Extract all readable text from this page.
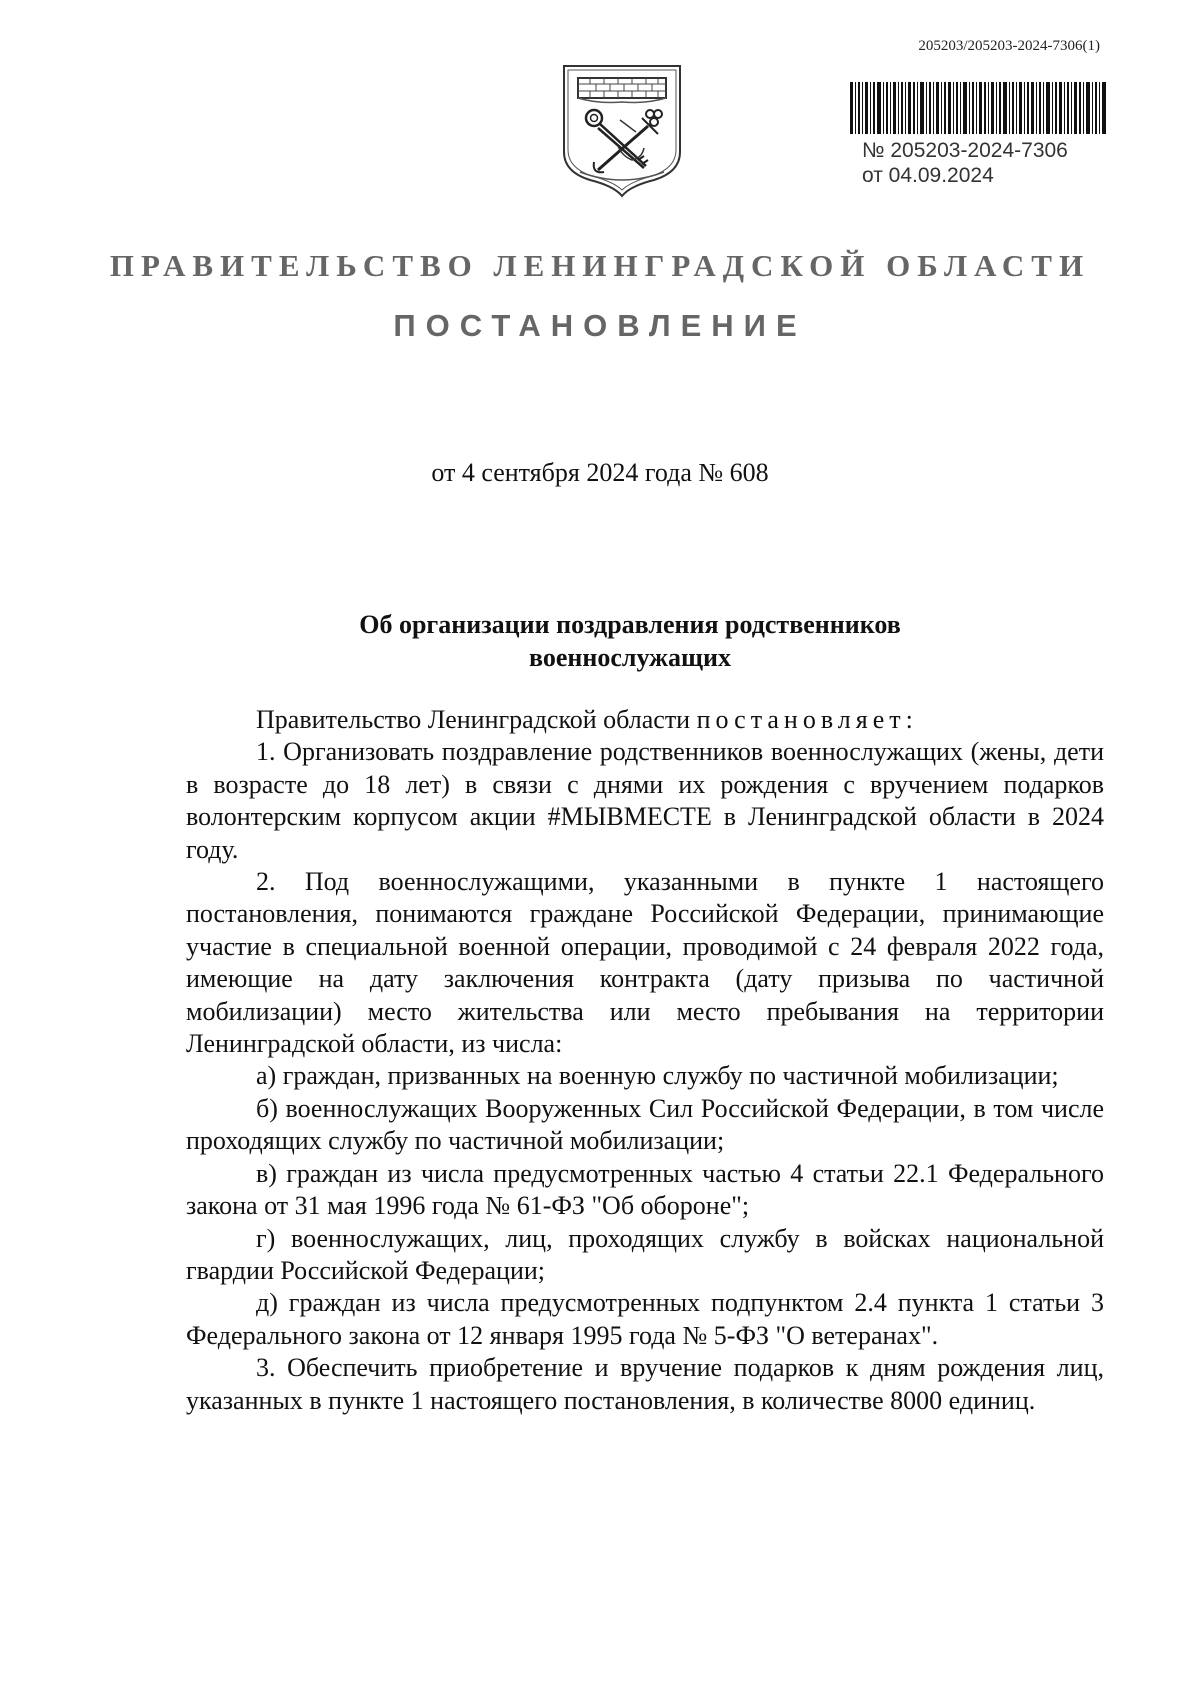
205203/205203-2024-7306(1)
№ 205203-2024-7306
от 04.09.2024
ПРАВИТЕЛЬСТВО ЛЕНИНГРАДСКОЙ ОБЛАСТИ
ПОСТАНОВЛЕНИЕ
от 4 сентября 2024 года № 608
Об организации поздравления родственников
военнослужащих

Правительство Ленинградской области постановляет:

1. Организовать поздравление родственников военнослужащих (жены, дети в возрасте до 18 лет) в связи с днями их рождения с вручением подарков волонтерским корпусом акции #МЫВМЕСТЕ в Ленинградской области в 2024 году.

2. Под военнослужащими, указанными в пункте 1 настоящего постановления, понимаются граждане Российской Федерации, принимающие участие в специальной военной операции, проводимой с 24 февраля 2022 года, имеющие на дату заключения контракта (дату призыва по частичной мобилизации) место жительства или место пребывания на территории Ленинградской области, из числа:

а) граждан, призванных на военную службу по частичной мобилизации;

б) военнослужащих Вооруженных Сил Российской Федерации, в том числе проходящих службу по частичной мобилизации;

в) граждан из числа предусмотренных частью 4 статьи 22.1 Федерального закона от 31 мая 1996 года № 61-ФЗ "Об обороне";

г) военнослужащих, лиц, проходящих службу в войсках национальной гвардии Российской Федерации;

д) граждан из числа предусмотренных подпунктом 2.4 пункта 1 статьи 3 Федерального закона от 12 января 1995 года № 5-ФЗ "О ветеранах".

3. Обеспечить приобретение и вручение подарков к дням рождения лиц, указанных в пункте 1 настоящего постановления, в количестве 8000 единиц.
